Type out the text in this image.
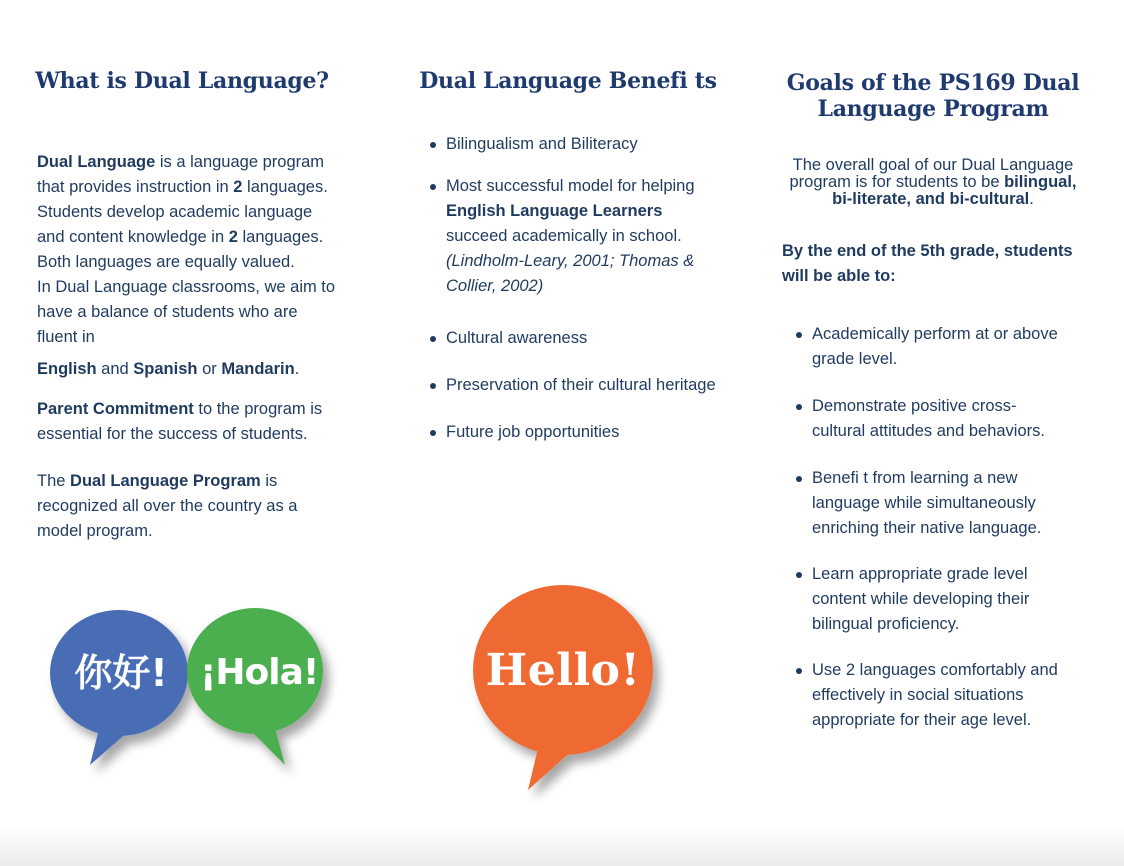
What is Dual Language?

Dual Language is a language program that provides instruction in 2 languages. Students develop academic language and content knowledge in 2 languages. Both languages are equally valued.
In Dual Language classrooms, we aim to have a balance of students who are fluent in

English and Spanish or Mandarin.

Parent Commitment to the program is essential for the success of students.

The Dual Language Program is recognized all over the country as a model program.

Dual Language Benefi ts
Bilingualism and Biliteracy
Most successful model for helping English Language Learners succeed academically in school.
(Lindholm-Leary, 2001; Thomas & Collier, 2002)
Cultural awareness
Preservation of their cultural heritage
Future job opportunities
Goals of the PS169 Dual Language Program

The overall goal of our Dual Language program is for students to be bilingual, bi-literate, and bi-cultural.

By the end of the 5th grade, students will be able to:

Academically perform at or above grade level.
Demonstrate positive cross-cultural attitudes and behaviors.
Benefi t from learning a new language while simultaneously enriching their native language.
Learn appropriate grade level content while developing their bilingual proficiency.
Use 2 languages comfortably and effectively in social situations appropriate for their age level.
你好! ¡Hola!	Hello!
